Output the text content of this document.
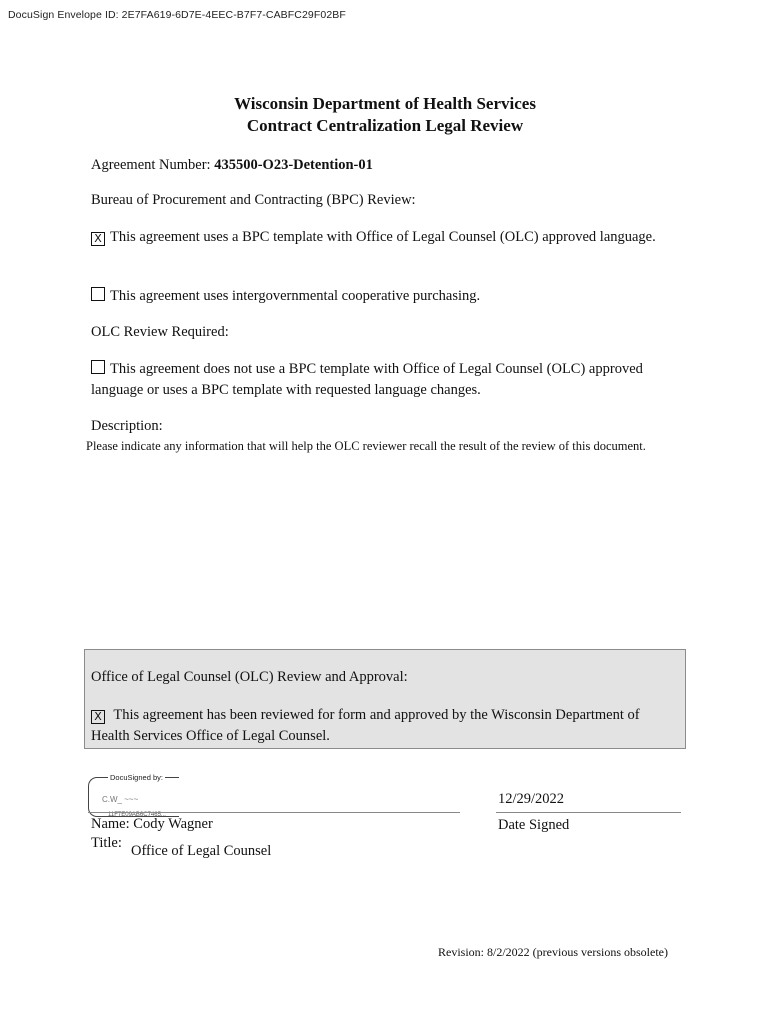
DocuSign Envelope ID: 2E7FA619-6D7E-4EEC-B7F7-CABFC29F02BF
Wisconsin Department of Health Services
Contract Centralization Legal Review
Agreement Number: 435500-O23-Detention-01
Bureau of Procurement and Contracting (BPC) Review:
X This agreement uses a BPC template with Office of Legal Counsel (OLC) approved language.
This agreement uses intergovernmental cooperative purchasing.
OLC Review Required:
This agreement does not use a BPC template with Office of Legal Counsel (OLC) approved language or uses a BPC template with requested language changes.
Description:
Please indicate any information that will help the OLC reviewer recall the result of the review of this document.
Office of Legal Counsel (OLC) Review and Approval:
X This agreement has been reviewed for form and approved by the Wisconsin Department of Health Services Office of Legal Counsel.
DocuSigned by:
C.W_ ~~~
11F7E09AB6C7465...
Name: Cody Wagner
Title: Office of Legal Counsel
12/29/2022
Date Signed
Revision: 8/2/2022 (previous versions obsolete)
